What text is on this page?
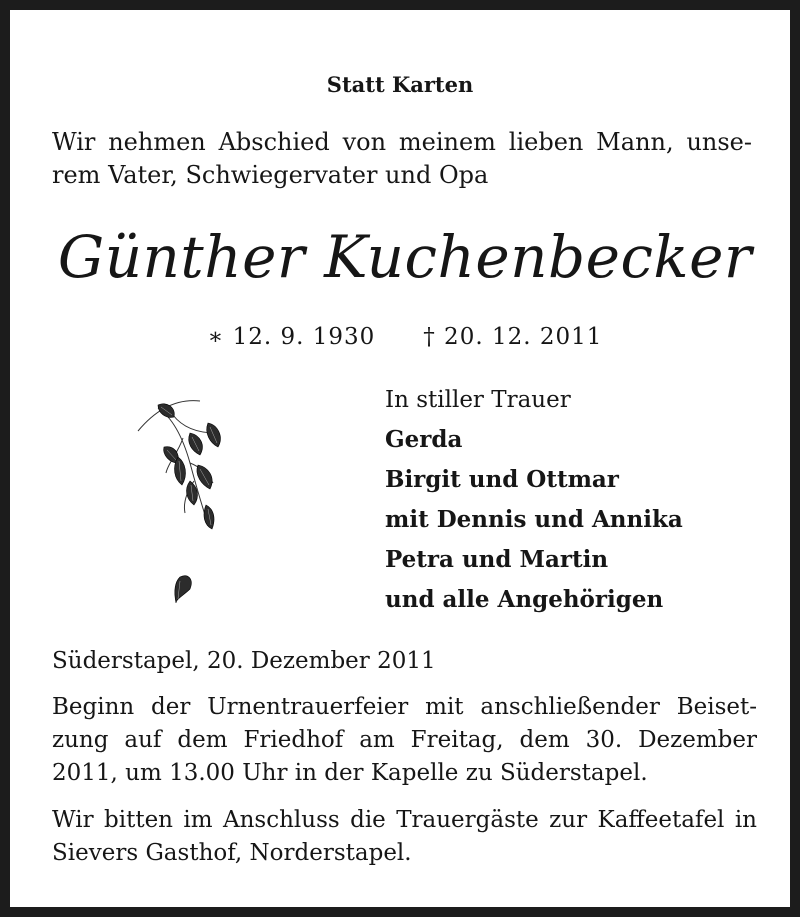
Statt Karten
Wir nehmen Abschied von meinem lieben Mann, unse-
rem Vater, Schwiegervater und Opa
Günther Kuchenbecker
∗ 12. 9. 1930 † 20. 12. 2011
In stiller Trauer
Gerda
Birgit und Ottmar
mit Dennis und Annika
Petra und Martin
und alle Angehörigen
Süderstapel, 20. Dezember 2011
Beginn der Urnentrauerfeier mit anschließender Beiset-
zung auf dem Friedhof am Freitag, dem 30. Dezember
2011, um 13.00 Uhr in der Kapelle zu Süderstapel.
Wir bitten im Anschluss die Trauergäste zur Kaffeetafel in
Sievers Gasthof, Norderstapel.
